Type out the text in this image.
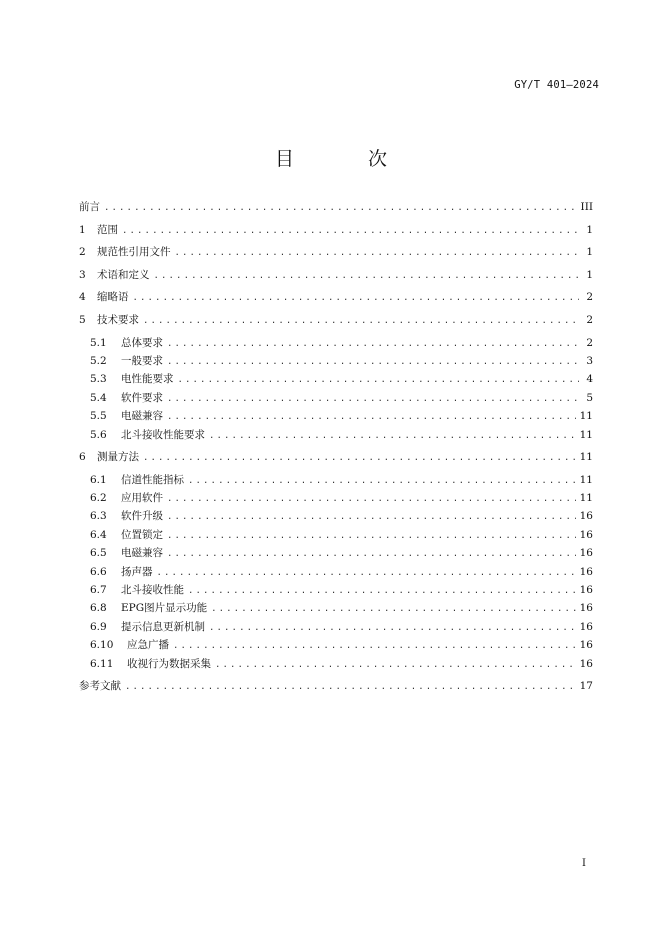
GY/T 401—2024
目 次
前言 .....	III
1	范围 .....	1
2	规范性引用文件 .....	1
3	术语和定义 .....	1
4	缩略语 .....	2
5	技术要求 .....	2
5.1	总体要求 .....	2
5.2	一般要求 .....	3
5.3	电性能要求 .....	4
5.4	软件要求 .....	5
5.5	电磁兼容 .....	11
5.6	北斗接收性能要求 .....	11
6	测量方法 .....	11
6.1	信道性能指标 .....	11
6.2	应用软件 .....	11
6.3	软件升级 .....	16
6.4	位置锁定 .....	16
6.5	电磁兼容 .....	16
6.6	扬声器 .....	16
6.7	北斗接收性能 .....	16
6.8	EPG图片显示功能 .....	16
6.9	提示信息更新机制 .....	16
6.10	应急广播 .....	16
6.11	收视行为数据采集 .....	16
参考文献 .....	17
I
